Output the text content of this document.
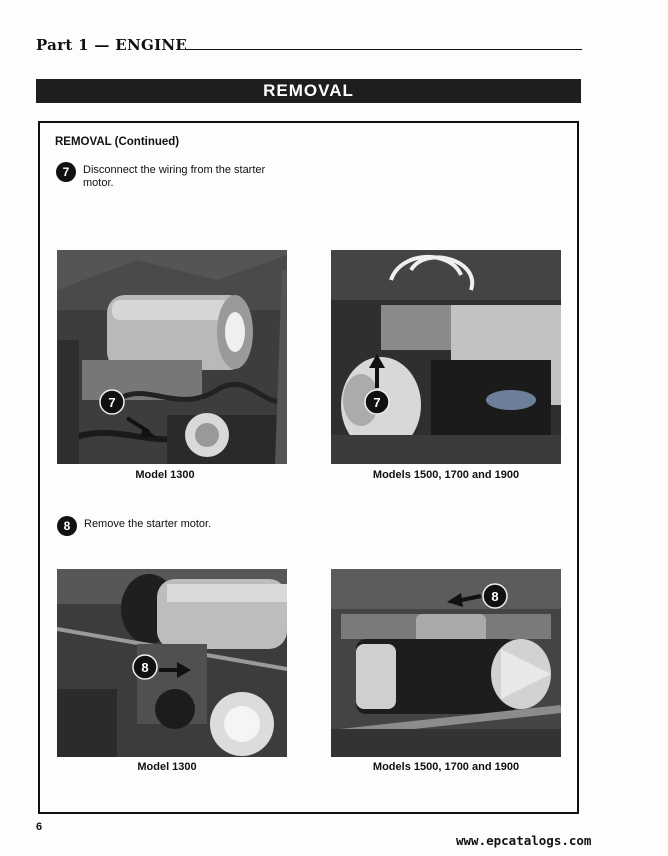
Part 1 — ENGINE
REMOVAL
REMOVAL (Continued)
7	Disconnect the wiring from the starter motor.
7
Model 1300
7
Models 1500, 1700 and 1900
8	Remove the starter motor.
8
Model 1300
8
Models 1500, 1700 and 1900
6
www.epcatalogs.com
